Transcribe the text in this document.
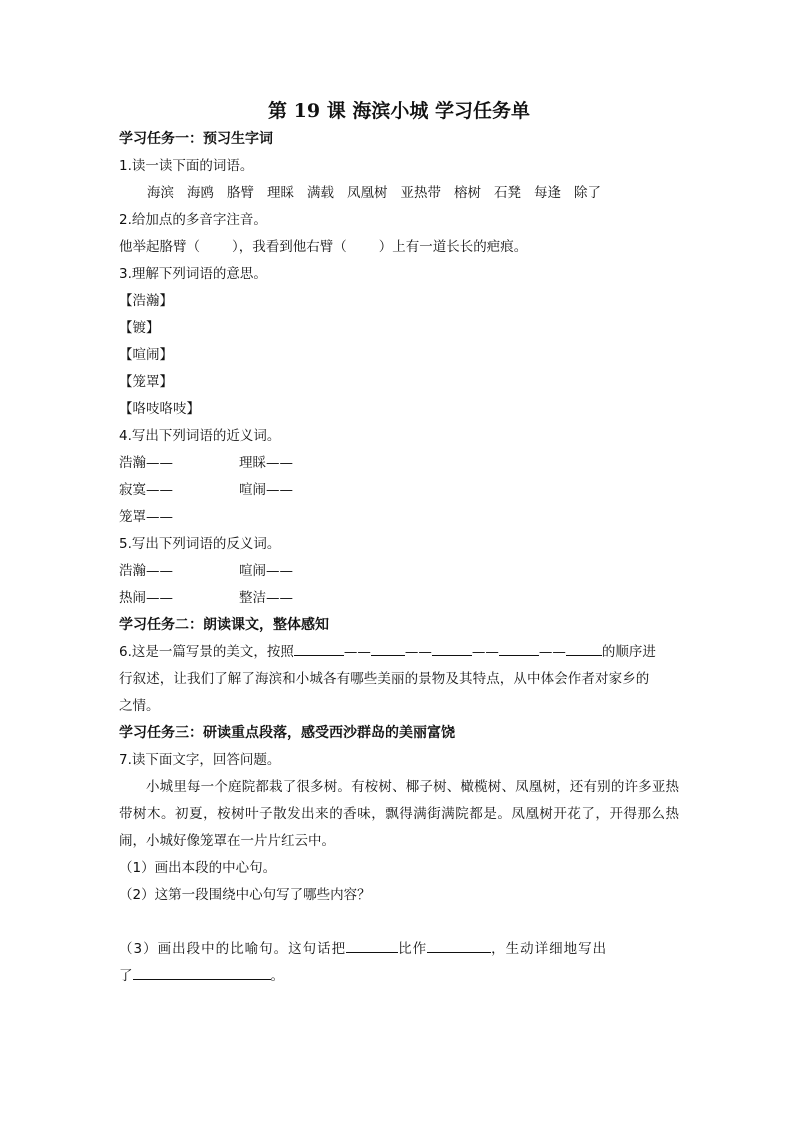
第 19 课 海滨小城 学习任务单
学习任务一：预习生字词
1.读一读下面的词语。
海滨 海鸥 胳臂 理睬 满载 凤凰树 亚热带 榕树 石凳 每逢 除了
2.给加点的多音字注音。
他举起胳臂（ ），我看到他右臂（ ）上有一道长长的疤痕。
3.理解下列词语的意思。
【浩瀚】
【镀】
【喧闹】
【笼罩】
【咯吱咯吱】
4.写出下列词语的近义词。
浩瀚——	理睬——
寂寞——	喧闹——
笼罩——
5.写出下列词语的反义词。
浩瀚——	喧闹——
热闹——	整洁——
学习任务二：朗读课文，整体感知
6.这是一篇写景的美文，按照	——	——	——	——	的顺序进
行叙述，让我们了解了海滨和小城各有哪些美丽的景物及其特点，从中体会作者对家乡的
之情。
学习任务三：研读重点段落，感受西沙群岛的美丽富饶
7.读下面文字，回答问题。
小城里每一个庭院都栽了很多树。有桉树、椰子树、橄榄树、凤凰树，还有别的许多亚热带树木。初夏，桉树叶子散发出来的香味，飘得满街满院都是。凤凰树开花了，开得那么热闹，小城好像笼罩在一片片红云中。
（1）画出本段的中心句。
（2）这第一段围绕中心句写了哪些内容？
（3）画出段中的比喻句。这句话把	比作	，生动详细地写出
了	。
